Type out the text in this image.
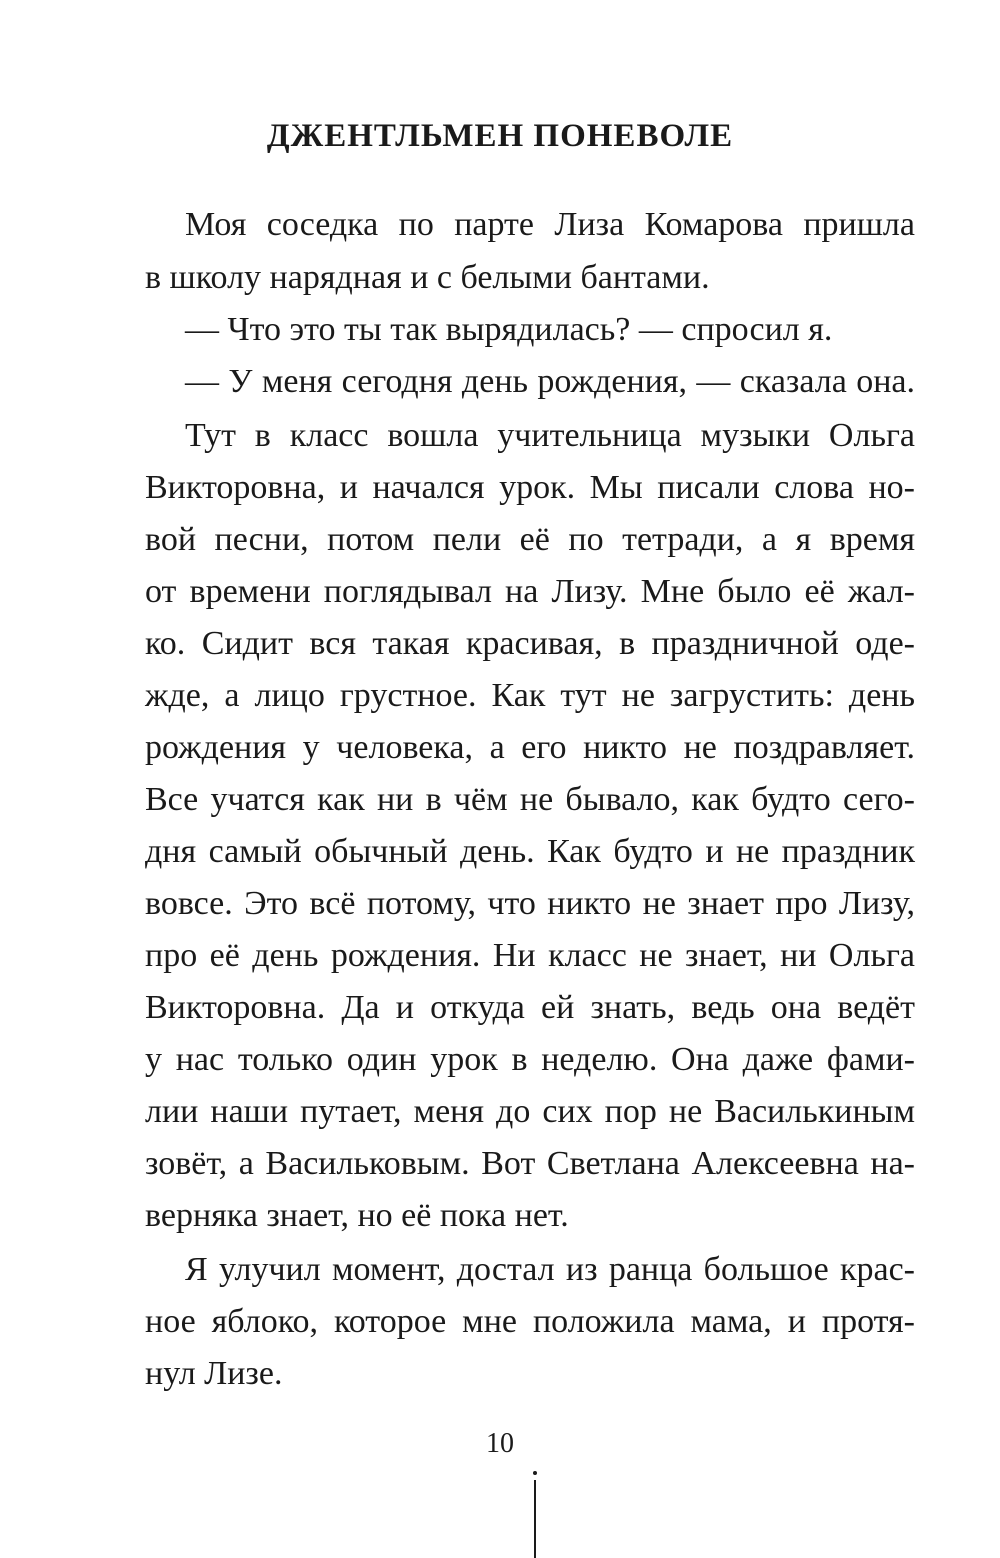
ДЖЕНТЛЬМЕН ПОНЕВОЛЕ

Моя соседка по парте Лиза Комарова пришла

в школу нарядная и с белыми бантами.

— Что это ты так вырядилась? — спросил я.

— У меня сегодня день рождения, — сказала она.

Тут в класс вошла учительница музыки Ольга

Викторовна, и начался урок. Мы писали слова но-

вой песни, потом пели её по тетради, а я время

от времени поглядывал на Лизу. Мне было её жал-

ко. Сидит вся такая красивая, в праздничной оде-

жде, а лицо грустное. Как тут не загрустить: день

рождения у человека, а его никто не поздравляет.

Все учатся как ни в чём не бывало, как будто сего-

дня самый обычный день. Как будто и не праздник

вовсе. Это всё потому, что никто не знает про Лизу,

про её день рождения. Ни класс не знает, ни Ольга

Викторовна. Да и откуда ей знать, ведь она ведёт

у нас только один урок в неделю. Она даже фами-

лии наши путает, меня до сих пор не Василькиным

зовёт, а Васильковым. Вот Светлана Алексеевна на-

верняка знает, но её пока нет.

Я улучил момент, достал из ранца большое крас-

ное яблоко, которое мне положила мама, и протя-

нул Лизе.

10
